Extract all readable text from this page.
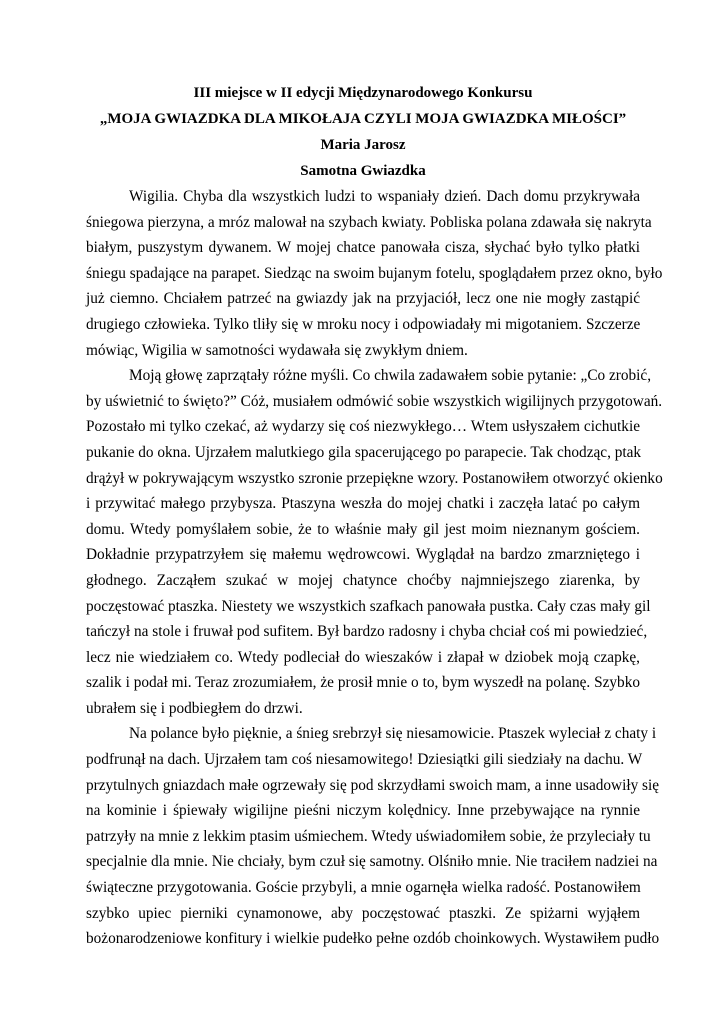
III miejsce w II edycji Międzynarodowego Konkursu

„MOJA GWIAZDKA DLA MIKOŁAJA CZYLI MOJA GWIAZDKA MIŁOŚCI”

Maria Jarosz

Samotna Gwiazdka

Wigilia. Chyba dla wszystkich ludzi to wspaniały dzień. Dach domu przykrywała
śniegowa pierzyna, a mróz malował na szybach kwiaty. Pobliska polana zdawała się nakryta
białym, puszystym dywanem. W mojej chatce panowała cisza, słychać było tylko płatki
śniegu spadające na parapet. Siedząc na swoim bujanym fotelu, spoglądałem przez okno, było
już ciemno. Chciałem patrzeć na gwiazdy jak na przyjaciół, lecz one nie mogły zastąpić
drugiego człowieka. Tylko tliły się w mroku nocy i odpowiadały mi migotaniem. Szczerze
mówiąc, Wigilia w samotności wydawała się zwykłym dniem.
Moją głowę zaprzątały różne myśli. Co chwila zadawałem sobie pytanie: „Co zrobić,
by uświetnić to święto?” Cóż, musiałem odmówić sobie wszystkich wigilijnych przygotowań.
Pozostało mi tylko czekać, aż wydarzy się coś niezwykłego… Wtem usłyszałem cichutkie
pukanie do okna. Ujrzałem malutkiego gila spacerującego po parapecie. Tak chodząc, ptak
drążył w pokrywającym wszystko szronie przepiękne wzory. Postanowiłem otworzyć okienko
i przywitać małego przybysza. Ptaszyna weszła do mojej chatki i zaczęła latać po całym
domu. Wtedy pomyślałem sobie, że to właśnie mały gil jest moim nieznanym gościem.
Dokładnie przypatrzyłem się małemu wędrowcowi. Wyglądał na bardzo zmarzniętego i
głodnego. Zacząłem szukać w mojej chatynce choćby najmniejszego ziarenka, by
poczęstować ptaszka. Niestety we wszystkich szafkach panowała pustka. Cały czas mały gil
tańczył na stole i fruwał pod sufitem. Był bardzo radosny i chyba chciał coś mi powiedzieć,
lecz nie wiedziałem co. Wtedy podleciał do wieszaków i złapał w dziobek moją czapkę,
szalik i podał mi. Teraz zrozumiałem, że prosił mnie o to, bym wyszedł na polanę. Szybko
ubrałem się i podbiegłem do drzwi.
Na polance było pięknie, a śnieg srebrzył się niesamowicie. Ptaszek wyleciał z chaty i
podfrunął na dach. Ujrzałem tam coś niesamowitego! Dziesiątki gili siedziały na dachu. W
przytulnych gniazdach małe ogrzewały się pod skrzydłami swoich mam, a inne usadowiły się
na kominie i śpiewały wigilijne pieśni niczym kolędnicy. Inne przebywające na rynnie
patrzyły na mnie z lekkim ptasim uśmiechem. Wtedy uświadomiłem sobie, że przyleciały tu
specjalnie dla mnie. Nie chciały, bym czuł się samotny. Olśniło mnie. Nie traciłem nadziei na
świąteczne przygotowania. Goście przybyli, a mnie ogarnęła wielka radość. Postanowiłem
szybko upiec pierniki cynamonowe, aby poczęstować ptaszki. Ze spiżarni wyjąłem
bożonarodzeniowe konfitury i wielkie pudełko pełne ozdób choinkowych. Wystawiłem pudło
